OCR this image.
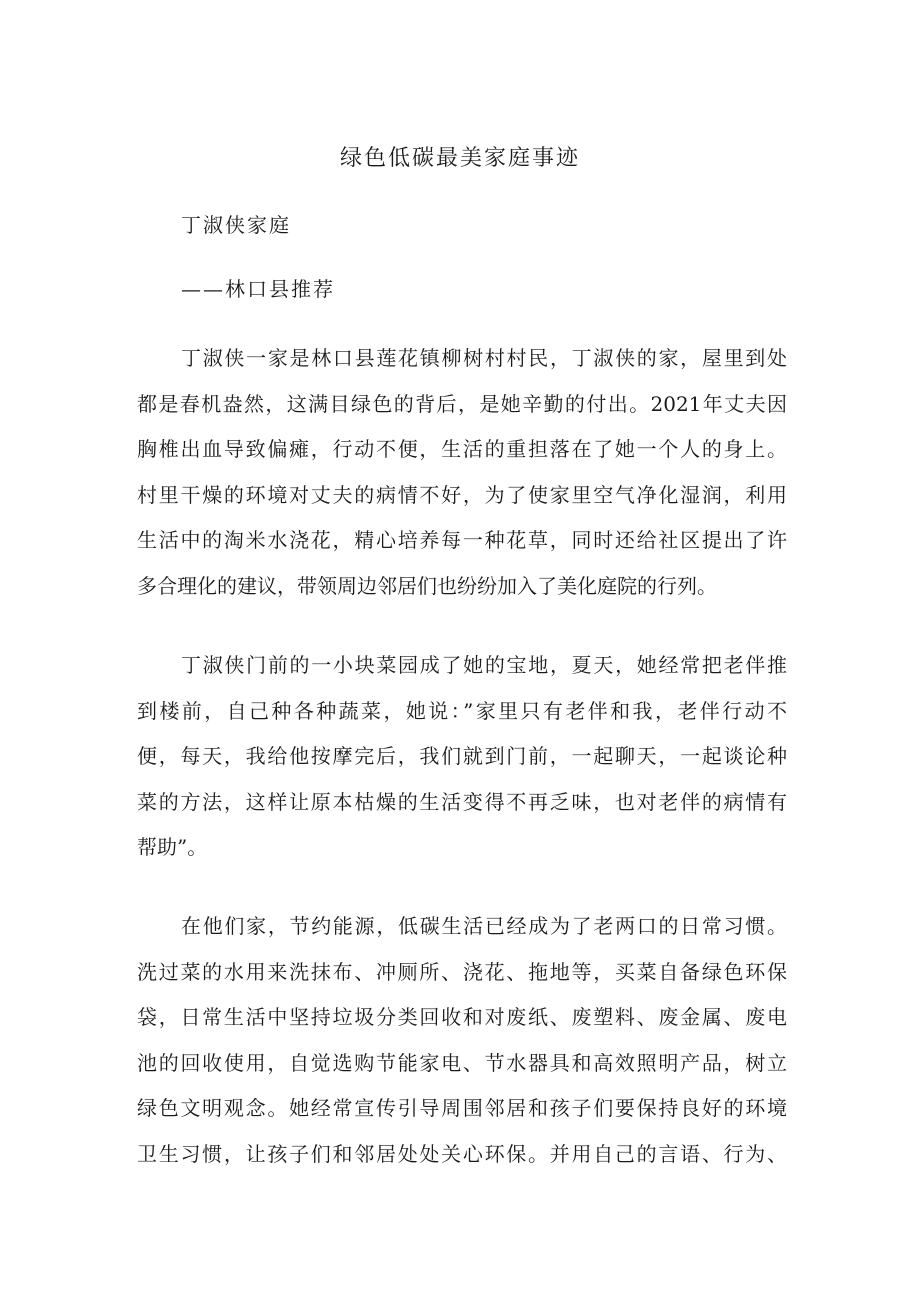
绿色低碳最美家庭事迹
丁淑侠家庭
——林口县推荐
丁淑侠一家是林口县莲花镇柳树村村民，丁淑侠的家，屋里到处
都是春机盎然，这满目绿色的背后，是她辛勤的付出。2021年丈夫因
胸椎出血导致偏瘫，行动不便，生活的重担落在了她一个人的身上。
村里干燥的环境对丈夫的病情不好，为了使家里空气净化湿润，利用
生活中的淘米水浇花，精心培养每一种花草，同时还给社区提出了许
多合理化的建议，带领周边邻居们也纷纷加入了美化庭院的行列。
丁淑侠门前的一小块菜园成了她的宝地，夏天，她经常把老伴推
到楼前，自己种各种蔬菜，她说：”家里只有老伴和我，老伴行动不
便，每天，我给他按摩完后，我们就到门前，一起聊天，一起谈论种
菜的方法，这样让原本枯燥的生活变得不再乏味，也对老伴的病情有
帮助”。
在他们家，节约能源，低碳生活已经成为了老两口的日常习惯。
洗过菜的水用来洗抹布、冲厕所、浇花、拖地等，买菜自备绿色环保
袋，日常生活中坚持垃圾分类回收和对废纸、废塑料、废金属、废电
池的回收使用，自觉选购节能家电、节水器具和高效照明产品，树立
绿色文明观念。她经常宣传引导周围邻居和孩子们要保持良好的环境
卫生习惯，让孩子们和邻居处处关心环保。并用自己的言语、行为、
